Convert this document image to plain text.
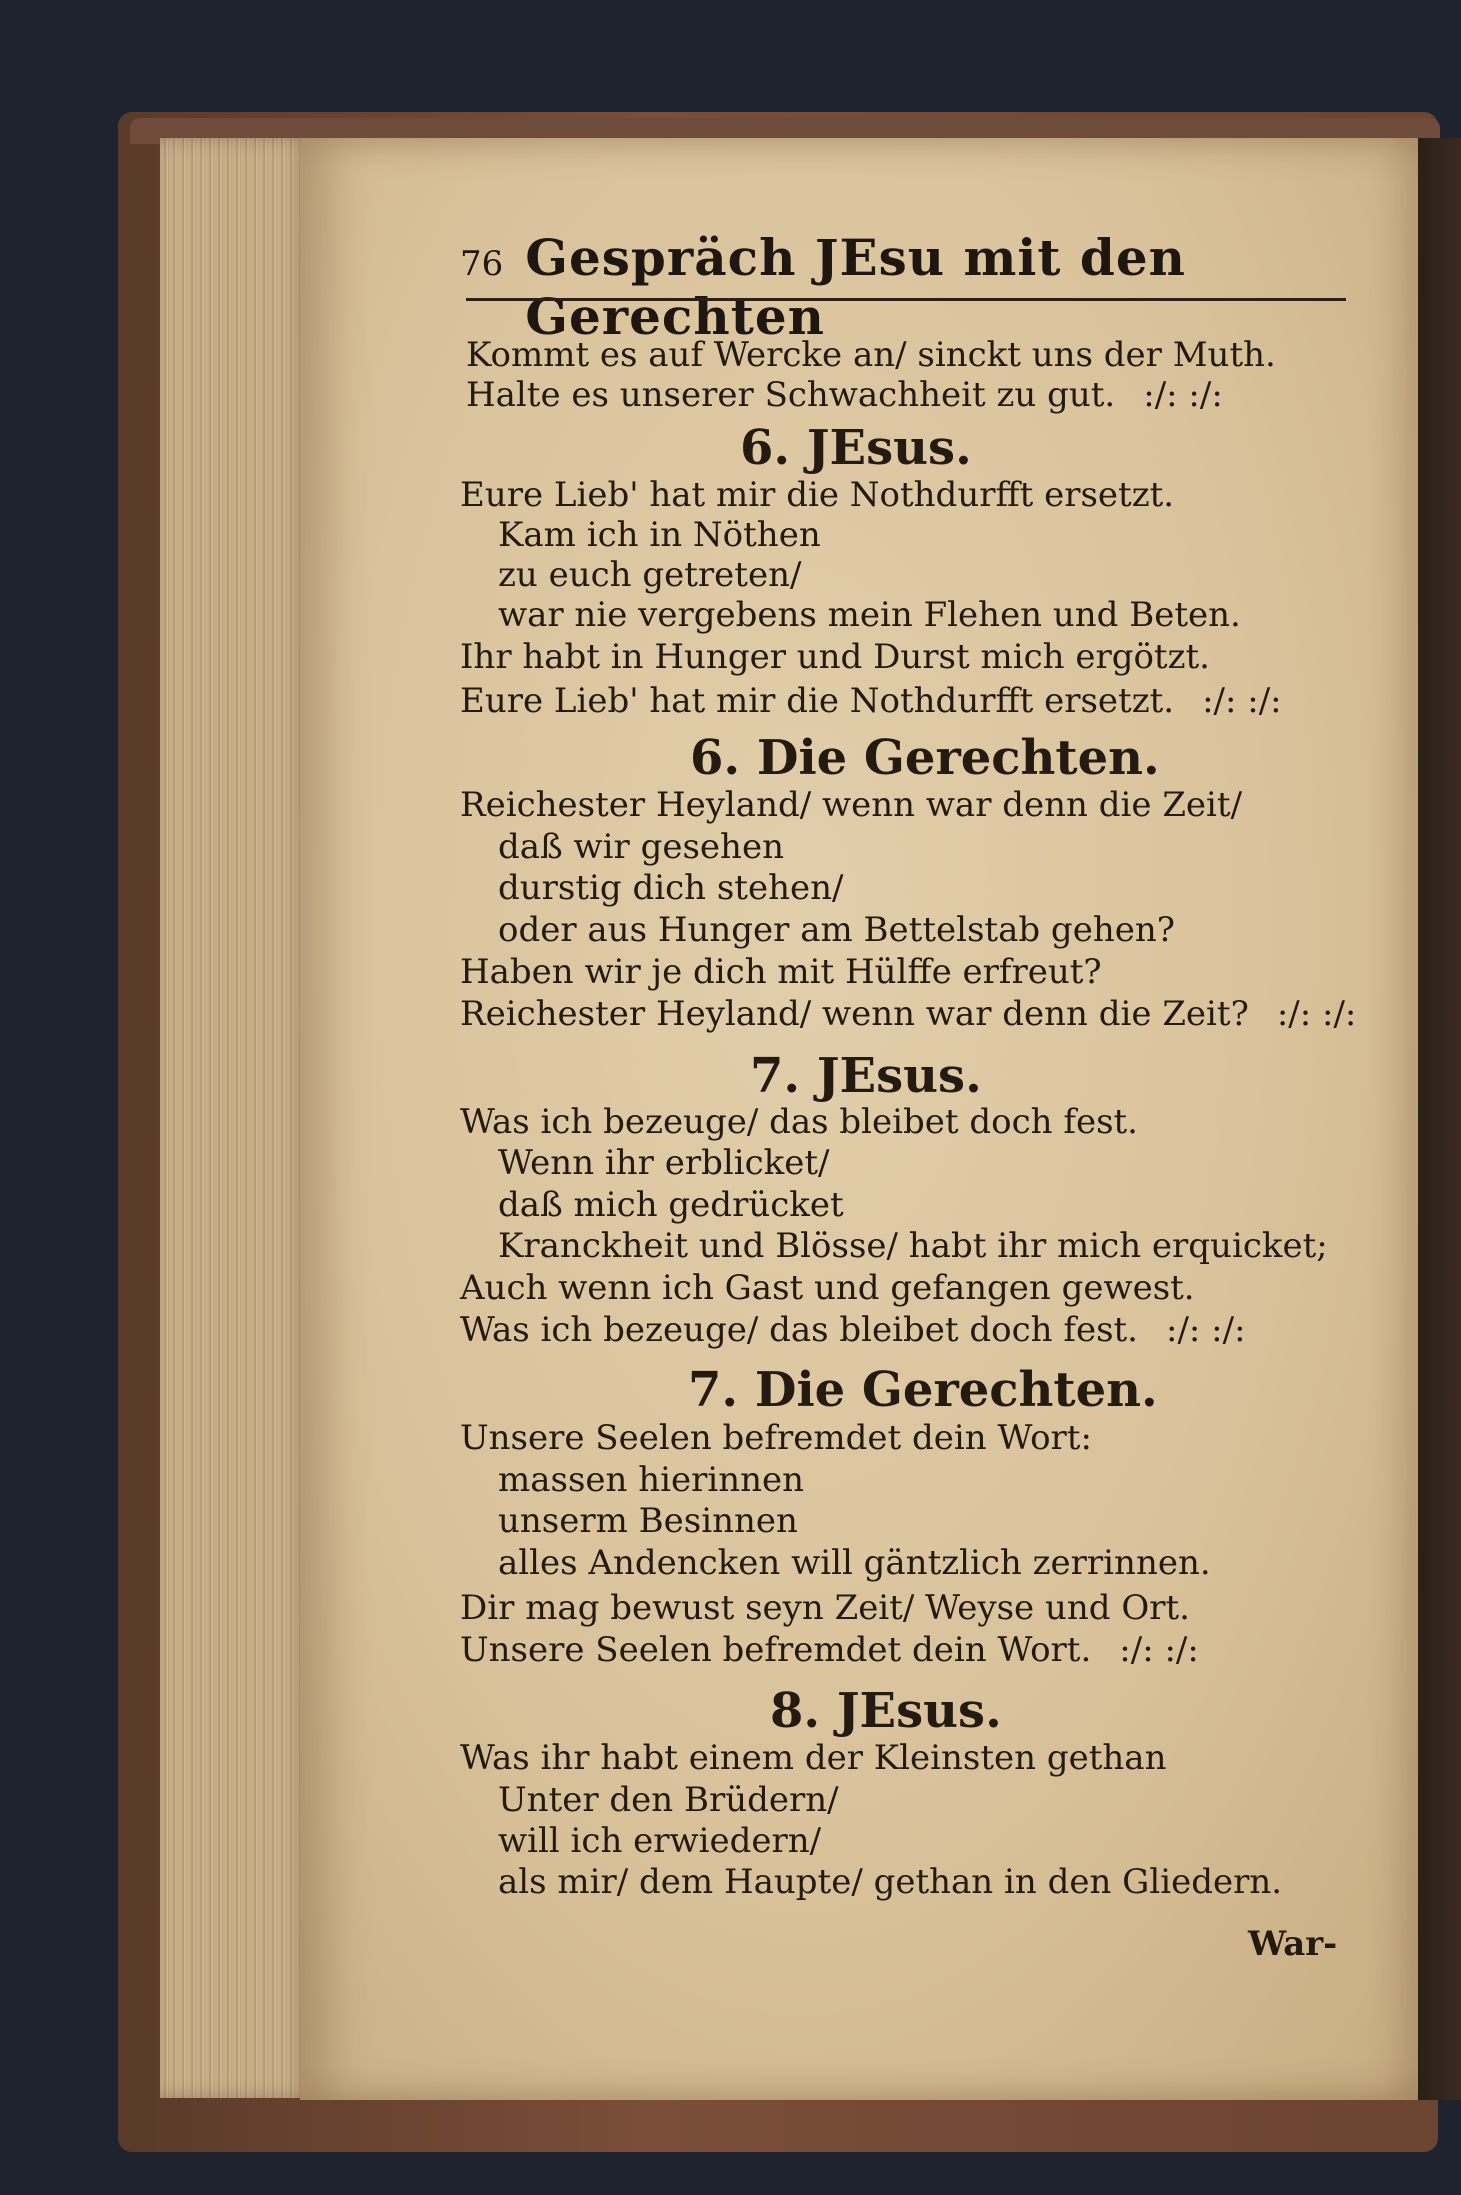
76 Gespräch JEsu mit den Gerechten
Kommt es auf Wercke an/ sinckt uns der Muth.
Halte es unserer Schwachheit zu gut. :/: :/:
6. JEsus.
Eure Lieb' hat mir die Nothdurfft ersetzt.
Kam ich in Nöthen
zu euch getreten/
war nie vergebens mein Flehen und Beten.
Ihr habt in Hunger und Durst mich ergötzt.
Eure Lieb' hat mir die Nothdurfft ersetzt. :/: :/:
6. Die Gerechten.
Reichester Heyland/ wenn war denn die Zeit/
daß wir gesehen
durstig dich stehen/
oder aus Hunger am Bettelstab gehen?
Haben wir je dich mit Hülffe erfreut?
Reichester Heyland/ wenn war denn die Zeit? :/: :/:
7. JEsus.
Was ich bezeuge/ das bleibet doch fest.
Wenn ihr erblicket/
daß mich gedrücket
Kranckheit und Blösse/ habt ihr mich erquicket;
Auch wenn ich Gast und gefangen gewest.
Was ich bezeuge/ das bleibet doch fest. :/: :/:
7. Die Gerechten.
Unsere Seelen befremdet dein Wort:
massen hierinnen
unserm Besinnen
alles Andencken will gäntzlich zerrinnen.
Dir mag bewust seyn Zeit/ Weyse und Ort.
Unsere Seelen befremdet dein Wort. :/: :/:
8. JEsus.
Was ihr habt einem der Kleinsten gethan
Unter den Brüdern/
will ich erwiedern/
als mir/ dem Haupte/ gethan in den Gliedern.
War-
